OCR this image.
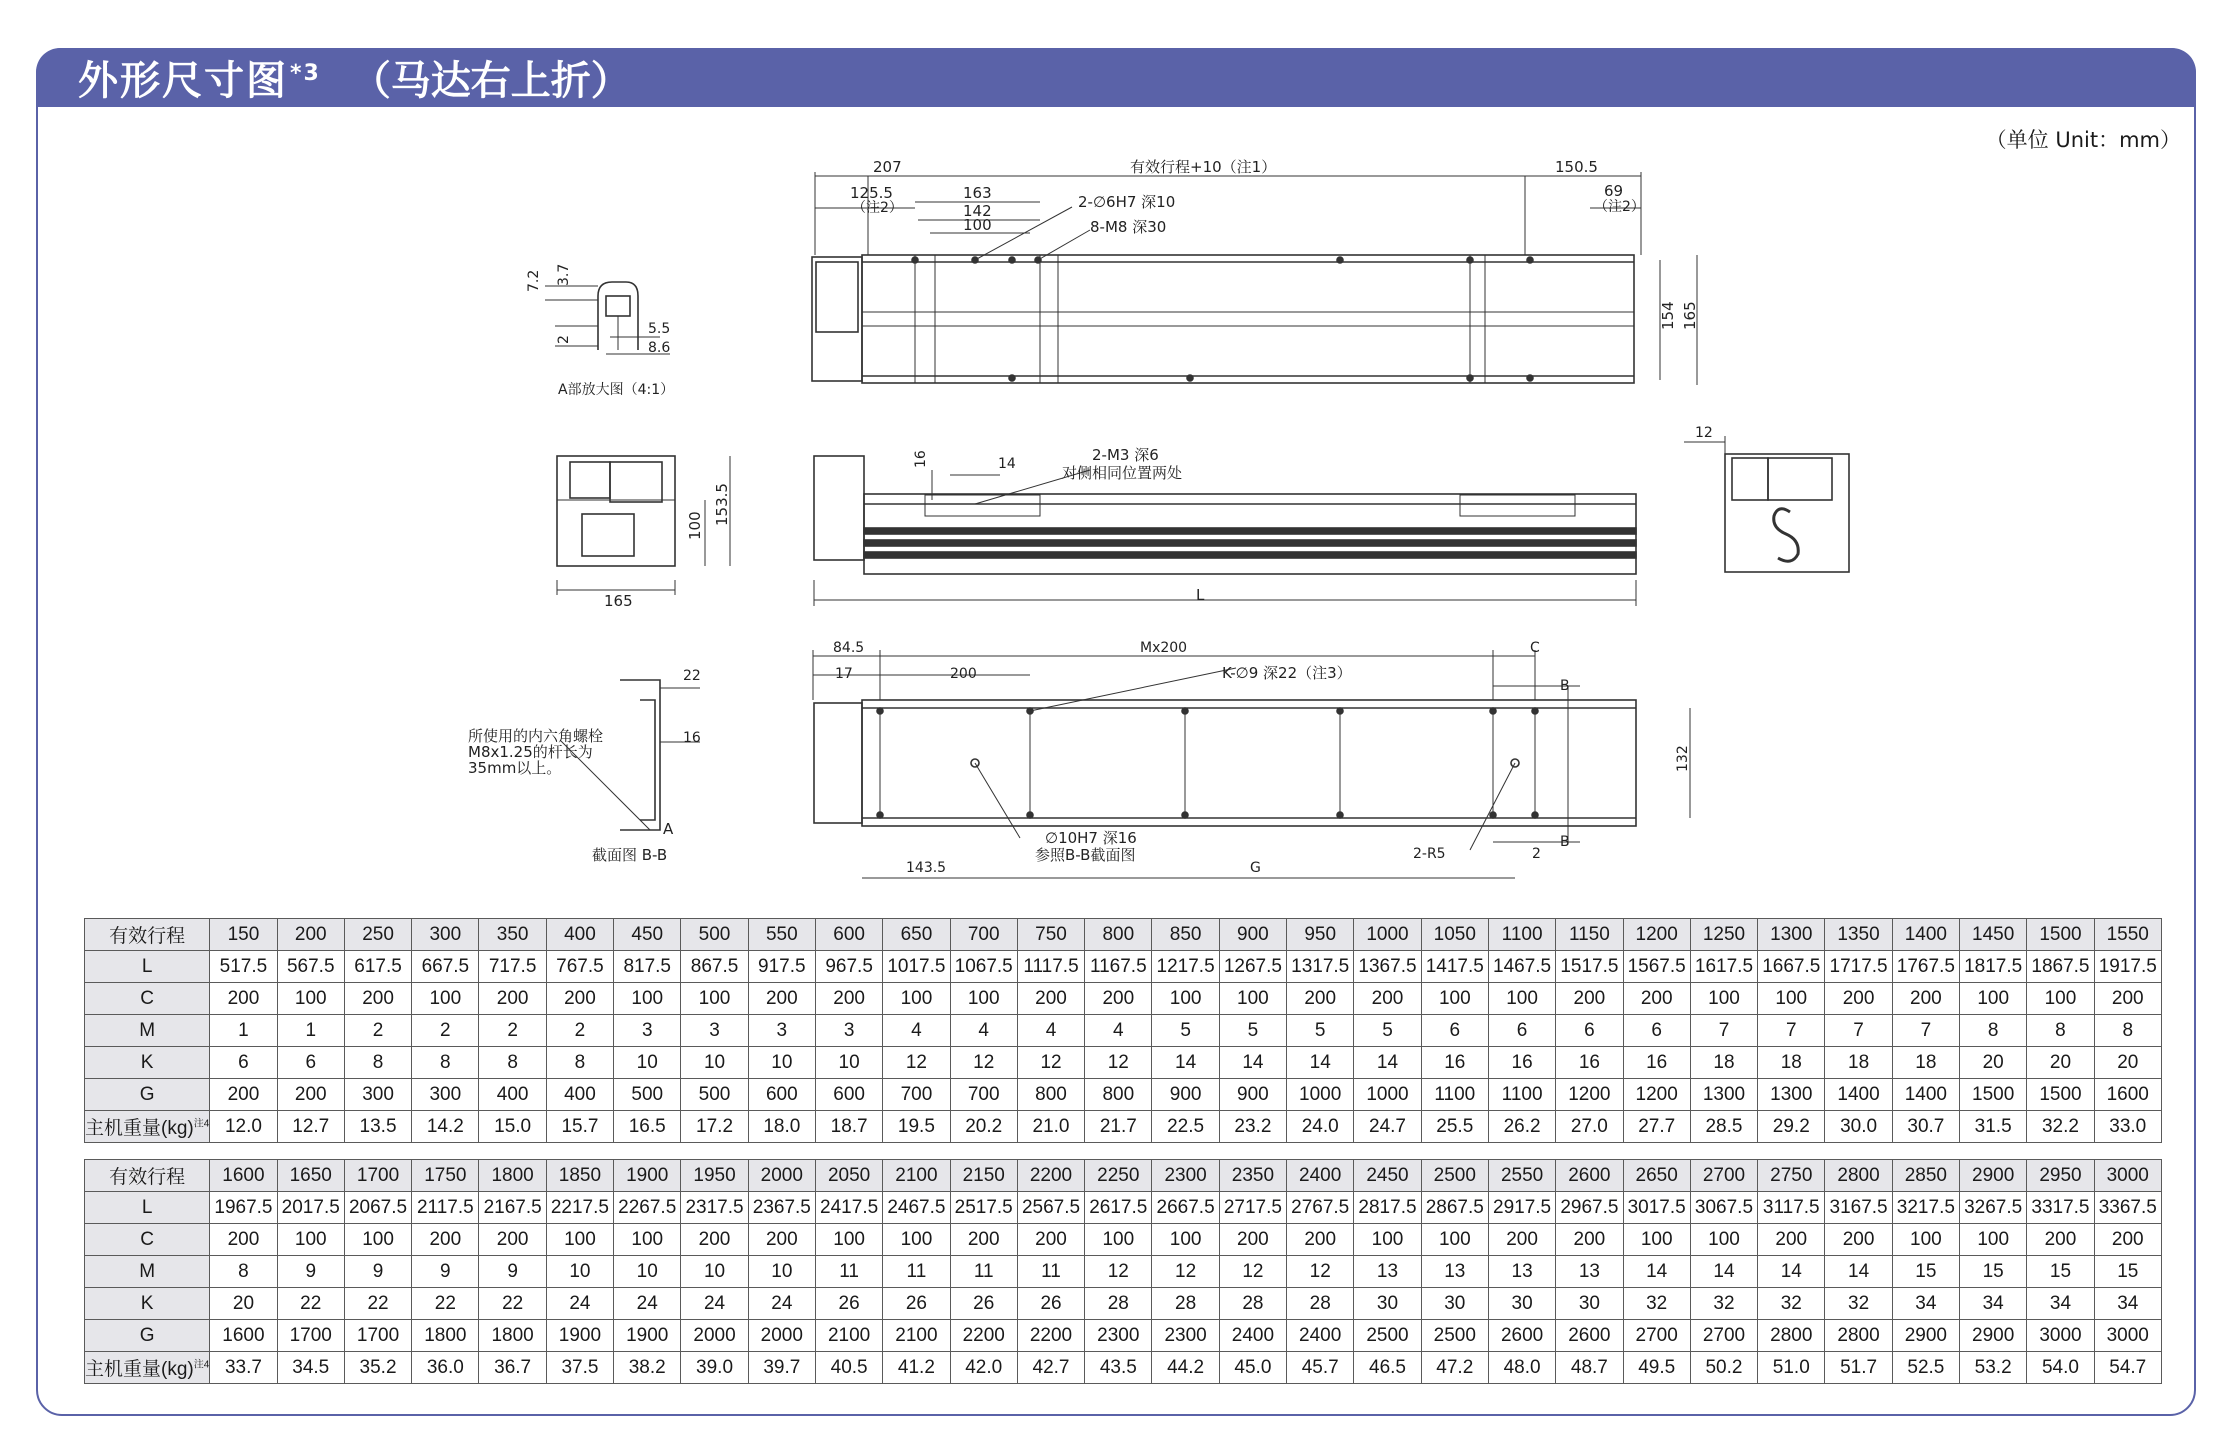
外形尺寸图$^{*3}$ （马达右上折）
（单位 Unit：mm）
207	有效行程+10（注1）	150.5
125.5
（注2）
163
142
100
2-∅6H7 深10
8-M8 深30
69
（注2）
154 165
7.2 3.7
2
5.5
8.6
A部放大图（4:1）
100 153.5
165
16	14	2-M3 深6
对侧相同位置两处
L
12
22
16
所使用的内六角螺栓
M8x1.25的杆长为
35mm以上。
A
截面图 B-B
84.5	Mx200	C
17	200	K-∅9 深22（注3）
B
132
∅10H7 深16
参照B-B截面图
B
143.5	G
2-R5	2
有效行程	150	200	250	300	350	400	450	500	550	600	650	700	750	800	850	900	950	1000	1050	1100	1150	1200	1250	1300	1350	1400	1450	1500	1550
L	517.5	567.5	617.5	667.5	717.5	767.5	817.5	867.5	917.5	967.5	1017.5	1067.5	1117.5	1167.5	1217.5	1267.5	1317.5	1367.5	1417.5	1467.5	1517.5	1567.5	1617.5	1667.5	1717.5	1767.5	1817.5	1867.5	1917.5
C	200	100	200	100	200	200	100	100	200	200	100	100	200	200	100	100	200	200	100	100	200	200	100	100	200	200	100	100	200
M	1	1	2	2	2	2	3	3	3	3	4	4	4	4	5	5	5	5	6	6	6	6	7	7	7	7	8	8	8
K	6	6	8	8	8	8	10	10	10	10	12	12	12	12	14	14	14	14	16	16	16	16	18	18	18	18	20	20	20
G	200	200	300	300	400	400	500	500	600	600	700	700	800	800	900	900	1000	1000	1100	1100	1200	1200	1300	1300	1400	1400	1500	1500	1600
主机重量(kg)$^{注4}$	12.0	12.7	13.5	14.2	15.0	15.7	16.5	17.2	18.0	18.7	19.5	20.2	21.0	21.7	22.5	23.2	24.0	24.7	25.5	26.2	27.0	27.7	28.5	29.2	30.0	30.7	31.5	32.2	33.0
有效行程	1600	1650	1700	1750	1800	1850	1900	1950	2000	2050	2100	2150	2200	2250	2300	2350	2400	2450	2500	2550	2600	2650	2700	2750	2800	2850	2900	2950	3000
L	1967.5	2017.5	2067.5	2117.5	2167.5	2217.5	2267.5	2317.5	2367.5	2417.5	2467.5	2517.5	2567.5	2617.5	2667.5	2717.5	2767.5	2817.5	2867.5	2917.5	2967.5	3017.5	3067.5	3117.5	3167.5	3217.5	3267.5	3317.5	3367.5
C	200	100	100	200	200	100	100	200	200	100	100	200	200	100	100	200	200	100	100	200	200	100	100	200	200	100	100	200	200
M	8	9	9	9	9	10	10	10	10	11	11	11	11	12	12	12	12	13	13	13	13	14	14	14	14	15	15	15	15
K	20	22	22	22	22	24	24	24	24	26	26	26	26	28	28	28	28	30	30	30	30	32	32	32	32	34	34	34	34
G	1600	1700	1700	1800	1800	1900	1900	2000	2000	2100	2100	2200	2200	2300	2300	2400	2400	2500	2500	2600	2600	2700	2700	2800	2800	2900	2900	3000	3000
主机重量(kg)$^{注4}$	33.7	34.5	35.2	36.0	36.7	37.5	38.2	39.0	39.7	40.5	41.2	42.0	42.7	43.5	44.2	45.0	45.7	46.5	47.2	48.0	48.7	49.5	50.2	51.0	51.7	52.5	53.2	54.0	54.7
